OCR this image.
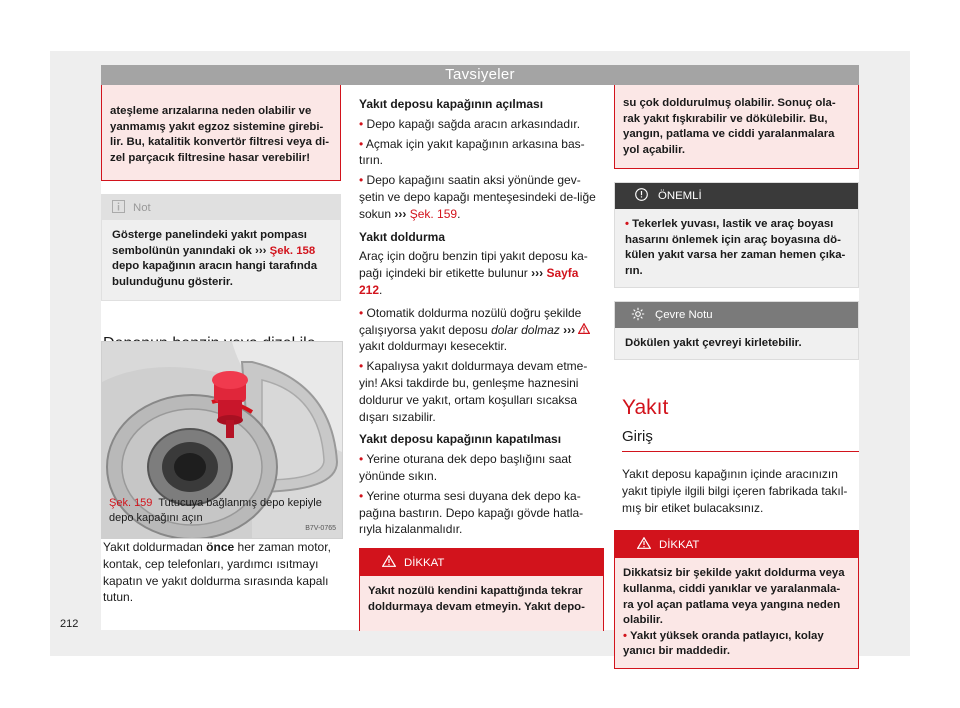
Tavsiyeler
212
ateşleme arızalarına neden olabilir ve yanmamış yakıt egzoz sistemine girebi-lir. Bu, katalitik konvertör filtresi veya di-zel parçacık filtresine hasar verebilir!
Not
Gösterge panelindeki yakıt pompası sembolünün yanındaki ok ››› Şek. 158 depo kapağının aracın hangi tarafında bulunduğunu gösterir.
B7V-0765
Şek. 159 Tutucuya bağlanmış depo kepiyle depo kapağını açın

Yakıt doldurmadan önce her zaman motor, kontak, cep telefonları, yardımcı ısıtmayı kapatın ve yakıt doldurma sırasında kapalı tutun.

Yakıt deposu kapağının açılması

• Depo kapağı sağda aracın arkasındadır.

• Açmak için yakıt kapağının arkasına bas-tırın.

• Depo kapağını saatin aksi yönünde gev-şetin ve depo kapağı menteşesindeki de-liğe sokun ››› Şek. 159.

Yakıt doldurma

Araç için doğru benzin tipi yakıt deposu ka-pağı içindeki bir etikette bulunur ››› Sayfa 212.

• Otomatik doldurma nozülü doğru şekilde çalışıyorsa yakıt deposu dolar dolmaz ›››
yakıt doldurmayı kesecektir.

• Kapalıysa yakıt doldurmaya devam etme-yin! Aksi takdirde bu, genleşme haznesini doldurur ve yakıt, ortam koşulları sıcaksa dışarı sızabilir.

Yakıt deposu kapağının kapatılması

• Yerine oturana dek depo başlığını saat yönünde sıkın.

• Yerine oturma sesi duyana dek depo ka-pağına bastırın. Depo kapağı gövde hatla-rıyla hizalanmalıdır.

DİKKAT
Yakıt nozülü kendini kapattığında tekrar doldurmaya devam etmeyin. Yakıt depo-
su çok doldurulmuş olabilir. Sonuç ola-rak yakıt fışkırabilir ve dökülebilir. Bu, yangın, patlama ve ciddi yaralanmalara yol açabilir.
ÖNEMLİ
• Tekerlek yuvası, lastik ve araç boyası hasarını önlemek için araç boyasına dö-külen yakıt varsa her zaman hemen çıka-rın.
Çevre Notu
Dökülen yakıt çevreyi kirletebilir.
Yakıt
Giriş

Yakıt deposu kapağının içinde aracınızın yakıt tipiyle ilgili bilgi içeren fabrikada takıl-mış bir etiket bulacaksınız.

DİKKAT
Dikkatsiz bir şekilde yakıt doldurma veya kullanma, ciddi yanıklar ve yaralanmala-ra yol açan patlama veya yangına neden olabilir.
• Yakıt yüksek oranda patlayıcı, kolay yanıcı bir maddedir.
